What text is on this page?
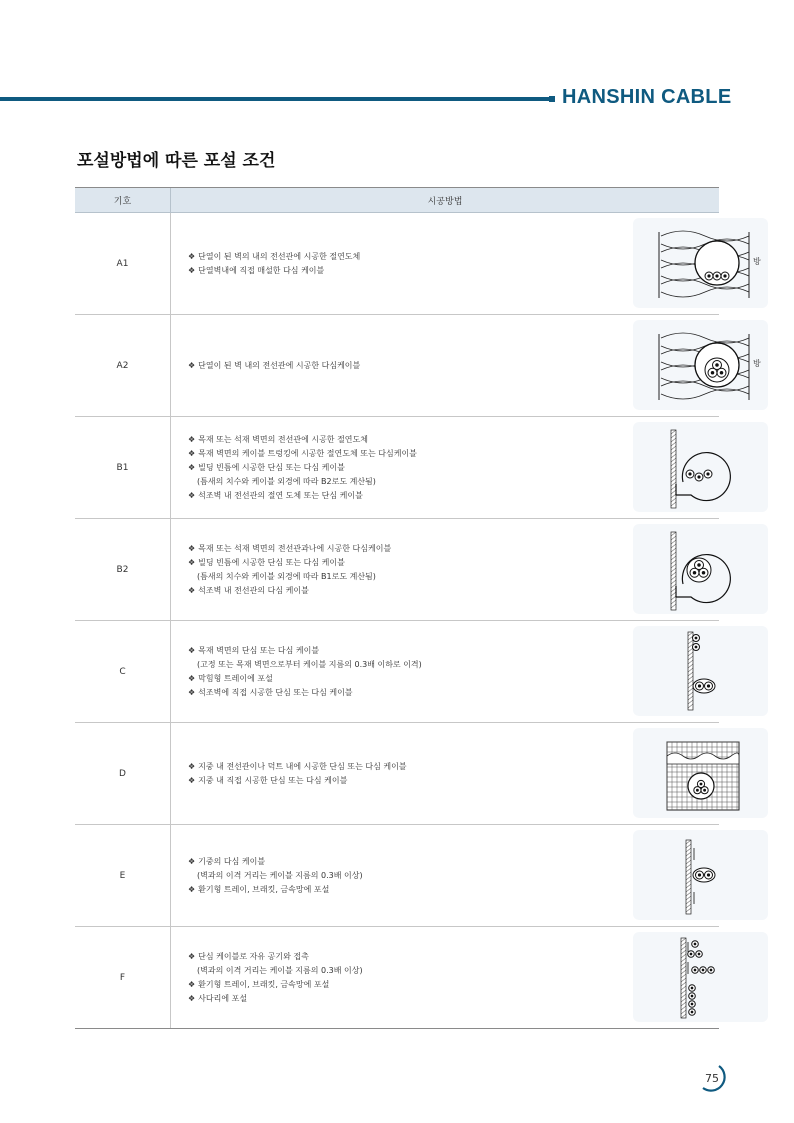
HANSHIN CABLE
포설방법에 따른 포설 조건
기호	시공방법
A1
❖ 단열이 된 벽의 내의 전선관에 시공한 절연도체
❖ 단열벽내에 직접 매설한 다심 케이블
방
A2	❖ 단열이 된 벽 내의 전선관에 시공한 다심케이블	방
B1
❖ 목재 또는 석재 벽면의 전선관에 시공한 절연도체
❖ 목재 벽면의 케이블 트렁킹에 시공한 절연도체 또는 다심케이블
❖ 빌딩 빈틈에 시공한 단심 또는 다심 케이블
(틈새의 치수와 케이블 외경에 따라 B2로도 계산됨)
❖ 석조벽 내 전선관의 절연 도체 또는 단심 케이블
B2
❖ 목재 또는 석재 벽면의 전선관과나에 시공한 다심케이블
❖ 빌딩 빈틈에 시공한 단심 또는 다심 케이블
(틈새의 치수와 케이블 외경에 따라 B1로도 계산됨)
❖ 석조벽 내 전선관의 다심 케이블
C
❖ 목재 벽면의 단심 또는 다심 케이블
(고정 또는 목재 벽면으로부터 케이블 지름의 0.3배 이하로 이격)
❖ 막힘형 트레이에 포설
❖ 석조벽에 직접 시공한 단심 또는 다심 케이블
D
❖ 지중 내 전선관이나 덕트 내에 시공한 단심 또는 다심 케이블
❖ 지중 내 직접 시공한 단심 또는 다심 케이블
E
❖ 기중의 다심 케이블
(벽과의 이격 거리는 케이블 지름의 0.3배 이상)
❖ 환기형 트레이, 브래킷, 금속망에 포설
F
❖ 단심 케이블로 자유 공기와 접촉
(벽과의 이격 거리는 케이블 지름의 0.3배 이상)
❖ 환기형 트레이, 브래킷, 금속망에 포설
❖ 사다리에 포설
75
